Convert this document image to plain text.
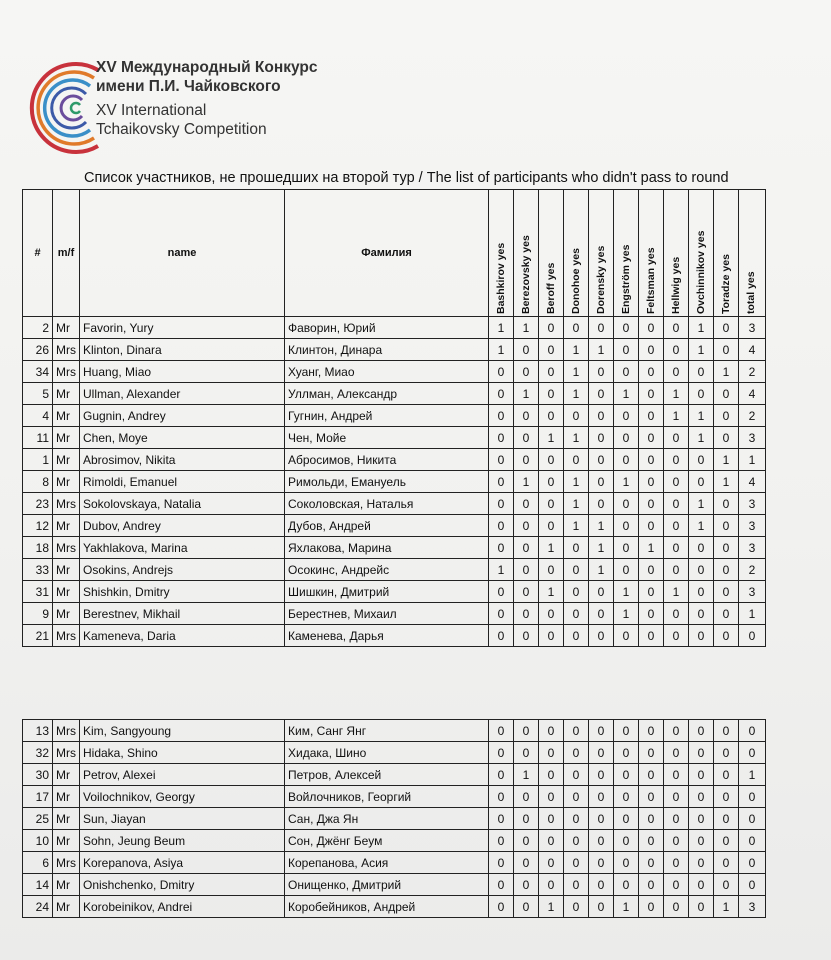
XV Международный Конкурс
имени П.И. Чайковского
XV International
Tchaikovsky Competition
Список участников, не прошедших на второй тур / The list of participants who didn't pass to round
#	m/f	name	Фамилия	Bashkirov yes	Berezovsky yes	Beroff yes	Donohoe yes	Dorensky yes	Engström yes	Feltsman yes	Hellwig yes	Ovchinnikov yes	Toradze yes	total yes

2	Mr	Favorin, Yury	Фаворин, Юрий	1	1	0	0	0	0	0	0	1	0	3
26	Mrs	Klinton, Dinara	Клинтон, Динара	1	0	0	1	1	0	0	0	1	0	4
34	Mrs	Huang, Miao	Хуанг, Миао	0	0	0	1	0	0	0	0	0	1	2
5	Mr	Ullman, Alexander	Уллман, Александр	0	1	0	1	0	1	0	1	0	0	4
4	Mr	Gugnin, Andrey	Гугнин, Андрей	0	0	0	0	0	0	0	1	1	0	2
11	Mr	Chen, Moye	Чен, Мойе	0	0	1	1	0	0	0	0	1	0	3
1	Mr	Abrosimov, Nikita	Абросимов, Никита	0	0	0	0	0	0	0	0	0	1	1
8	Mr	Rimoldi, Emanuel	Римольди, Емануель	0	1	0	1	0	1	0	0	0	1	4
23	Mrs	Sokolovskaya, Natalia	Соколовская, Наталья	0	0	0	1	0	0	0	0	1	0	3
12	Mr	Dubov, Andrey	Дубов, Андрей	0	0	0	1	1	0	0	0	1	0	3
18	Mrs	Yakhlakova, Marina	Яхлакова, Марина	0	0	1	0	1	0	1	0	0	0	3
33	Mr	Osokins, Andrejs	Осокинс, Андрейс	1	0	0	0	1	0	0	0	0	0	2
31	Mr	Shishkin, Dmitry	Шишкин, Дмитрий	0	0	1	0	0	1	0	1	0	0	3
9	Mr	Berestnev, Mikhail	Берестнев, Михаил	0	0	0	0	0	1	0	0	0	0	1
21	Mrs	Kameneva, Daria	Каменева, Дарья	0	0	0	0	0	0	0	0	0	0	0
13	Mrs	Kim, Sangyoung	Ким, Санг Янг	0	0	0	0	0	0	0	0	0	0	0
32	Mrs	Hidaka, Shino	Хидака, Шино	0	0	0	0	0	0	0	0	0	0	0
30	Mr	Petrov, Alexei	Петров, Алексей	0	1	0	0	0	0	0	0	0	0	1
17	Mr	Voilochnikov, Georgy	Войлочников, Георгий	0	0	0	0	0	0	0	0	0	0	0
25	Mr	Sun, Jiayan	Сан, Джа Ян	0	0	0	0	0	0	0	0	0	0	0
10	Mr	Sohn, Jeung Beum	Сон, Джёнг Беум	0	0	0	0	0	0	0	0	0	0	0
6	Mrs	Korepanova, Asiya	Корепанова, Асия	0	0	0	0	0	0	0	0	0	0	0
14	Mr	Onishchenko, Dmitry	Онищенко, Дмитрий	0	0	0	0	0	0	0	0	0	0	0
24	Mr	Korobeinikov, Andrei	Коробейников, Андрей	0	0	1	0	0	1	0	0	0	1	3
